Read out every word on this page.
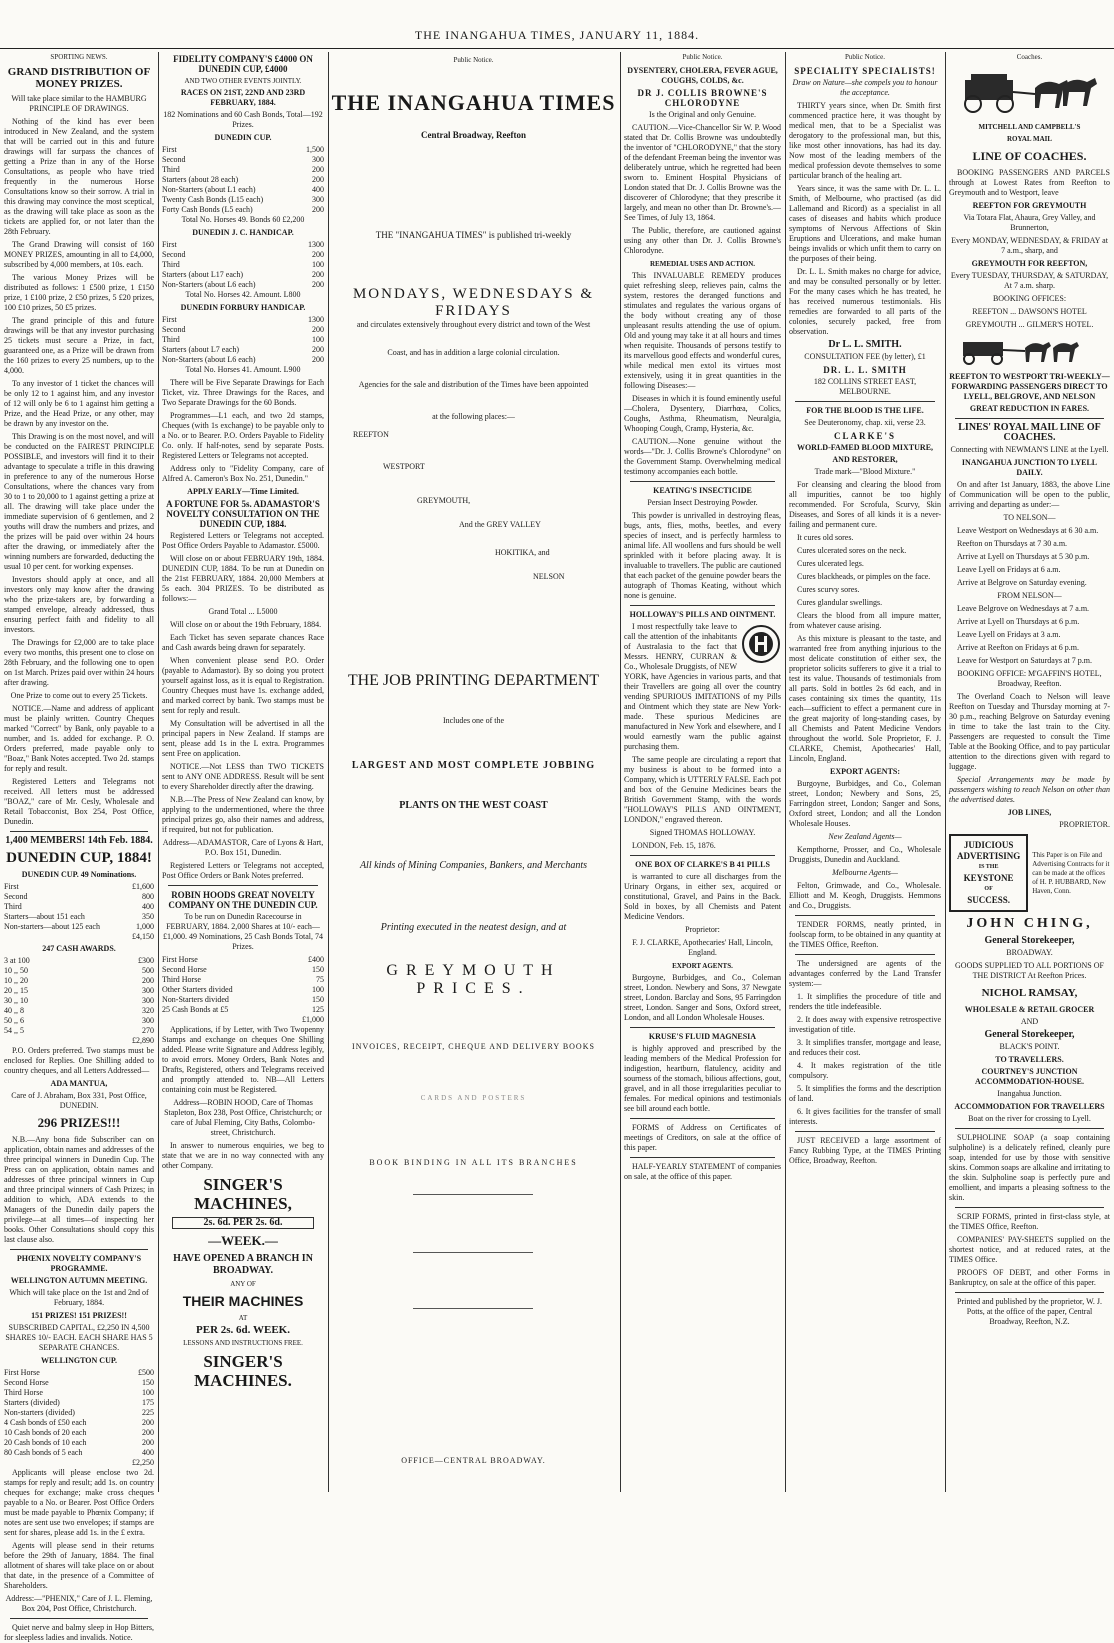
THE INANGAHUA TIMES, JANUARY 11, 1884.
SPORTING NEWS.
GRAND DISTRIBUTION OF MONEY PRIZES.

Will take place similar to the HAMBURG PRINCIPLE OF DRAWINGS.

Nothing of the kind has ever been introduced in New Zealand, and the system that will be carried out in this and future drawings will far surpass the chances of getting a Prize than in any of the Horse Consultations, as people who have tried frequently in the numerous Horse Consultations know so their sorrow. A trial in this drawing may convince the most sceptical, as the drawing will take place as soon as the tickets are applied for, or not later than the 28th February.

The Grand Drawing will consist of 160 MONEY PRIZES, amounting in all to £4,000, subscribed by 4,000 members, at 10s. each.

The various Money Prizes will be distributed as follows: 1 £500 prize, 1 £150 prize, 1 £100 prize, 2 £50 prizes, 5 £20 prizes, 100 £10 prizes, 50 £5 prizes.

The grand principle of this and future drawings will be that any investor purchasing 25 tickets must secure a Prize, in fact, guaranteed one, as a Prize will be drawn from the 160 prizes to every 25 numbers, up to the 4,000.

To any investor of 1 ticket the chances will be only 12 to 1 against him, and any investor of 12 will only be 6 to 1 against him getting a Prize, and the Head Prize, or any other, may be drawn by any investor on the.

This Drawing is on the most novel, and will be conducted on the FAIREST PRINCIPLE POSSIBLE, and investors will find it to their advantage to speculate a trifle in this drawing in preference to any of the numerous Horse Consultations, where the chances vary from 30 to 1 to 20,000 to 1 against getting a prize at all. The drawing will take place under the immediate supervision of 6 gentlemen, and 2 youths will draw the numbers and prizes, and the prizes will be paid over within 24 hours after the drawing, or immediately after the winning numbers are forwarded, deducting the usual 10 per cent. for working expenses.

Investors should apply at once, and all investors only may know after the drawing who the prize-takers are, by forwarding a stamped envelope, already addressed, thus ensuring perfect faith and fidelity to all investors.

The Drawings for £2,000 are to take place every two months, this present one to close on 28th February, and the following one to open on 1st March. Prizes paid over within 24 hours after drawing.

One Prize to come out to every 25 Tickets.

NOTICE.—Name and address of applicant must be plainly written. Country Cheques marked "Correct" by Bank, only payable to a number, and 1s. added for exchange. P. O. Orders preferred, made payable only to "Boaz," Bank Notes accepted. Two 2d. stamps for reply and result.

Registered Letters and Telegrams not received. All letters must be addressed "BOAZ," care of Mr. Cesly, Wholesale and Retail Tobacconist, Box 254, Post Office, Dunedin.

1,400 MEMBERS! 14th Feb. 1884.
DUNEDIN CUP, 1884!
DUNEDIN CUP. 49 Nominations.
First	£1,600
Second	800
Third	400
Starters—about 151 each	350
Non-starters—about 125 each	1,000
	£4,150
247 CASH AWARDS.
3 at 100	£300
10 ,, 50	500
10 ,, 20	200
20 ,, 15	300
30 ,, 10	300
40 ,, 8	320
50 ,, 6	300
54 ,, 5	270
	£2,890

P.O. Orders preferred. Two stamps must be enclosed for Replies. One Shilling added to country cheques, and all Letters Addressed—

ADA MANTUA,

Care of J. Abraham, Box 331, Post Office, DUNEDIN.

296 PRIZES!!!

N.B.—Any bona fide Subscriber can on application, obtain names and addresses of the three principal winners in Dunedin Cup. The Press can on application, obtain names and addresses of three principal winners in Cup and three principal winners of Cash Prizes; in addition to which, ADA extends to the Managers of the Dunedin daily papers the privilege—at all times—of inspecting her books. Other Consultations should copy this last clause also.

PHŒNIX NOVELTY COMPANY'S PROGRAMME.
WELLINGTON AUTUMN MEETING.

Which will take place on the 1st and 2nd of February, 1884.

151 PRIZES! 151 PRIZES!!

SUBSCRIBED CAPITAL, £2,250 IN 4,500 SHARES 10/- EACH. EACH SHARE HAS 5 SEPARATE CHANCES.

WELLINGTON CUP.
First Horse	£500
Second Horse	150
Third Horse	100
Starters (divided)	175
Non-starters (divided)	225
4 Cash bonds of £50 each	200
10 Cash bonds of 20 each	200
20 Cash bonds of 10 each	200
80 Cash bonds of 5 each	400
	£2,250

Applicants will please enclose two 2d. stamps for reply and result; add 1s. on country cheques for exchange; make cross cheques payable to a No. or Bearer. Post Office Orders must be made payable to Phœnix Company; if notes are sent use two envelopes; if stamps are sent for shares, please add 1s. in the £ extra.

Agents will please send in their returns before the 29th of January, 1884. The final allotment of shares will take place on or about that date, in the presence of a Committee of Shareholders.

Address:—"PHENIX," Care of J. L. Fleming, Box 204, Post Office, Christchurch.

Quiet nerve and balmy sleep in Hop Bitters, for sleepless ladies and invalids. Notice.

FIDELITY COMPANY'S £4000 ON DUNEDIN CUP, £4000
AND TWO OTHER EVENTS JOINTLY.
RACES ON 21ST, 22ND AND 23RD FEBRUARY, 1884.

182 Nominations and 60 Cash Bonds, Total—192 Prizes.

DUNEDIN CUP.
First	1,500
Second	300
Third	200
Starters (about 28 each)	200
Non-Starters (about L1 each)	400
Twenty Cash Bonds (L15 each)	300
Forty Cash Bonds (L5 each)	200

Total No. Horses 49. Bonds 60 £2,200

DUNEDIN J. C. HANDICAP.
First	1300
Second	200
Third	100
Starters (about L17 each)	200
Non-Starters (about L6 each)	200

Total No. Horses 42. Amount. L800

DUNEDIN FORBURY HANDICAP.
First	1300
Second	200
Third	100
Starters (about L7 each)	200
Non-Starters (about L6 each)	200

Total No. Horses 41. Amount. L900

There will be Five Separate Drawings for Each Ticket, viz. Three Drawings for the Races, and Two Separate Drawings for the 60 Bonds.

Programmes—L1 each, and two 2d stamps, Cheques (with 1s exchange) to be payable only to a No. or to Bearer. P.O. Orders Payable to Fidelity Co. only. If half-notes, send by separate Posts. Registered Letters or Telegrams not accepted.

Address only to "Fidelity Company, care of Alfred A. Cameron's Box No. 251, Dunedin."

APPLY EARLY—Time Limited.
A FORTUNE FOR 5s. ADAMASTOR'S NOVELTY CONSULTATION ON THE DUNEDIN CUP, 1884.

Registered Letters or Telegrams not accepted. Post Office Orders Payable to Adamastor. £5000.

Will close on or about FEBRUARY 19th, 1884. DUNEDIN CUP, 1884. To be run at Dunedin on the 21st FEBRUARY, 1884. 20,000 Members at 5s each. 304 PRIZES. To be distributed as follows:—

Grand Total ... L5000

Will close on or about the 19th February, 1884.

Each Ticket has seven separate chances Race and Cash awards being drawn for separately.

When convenient please send P.O. Order (payable to Adamastor). By so doing you protect yourself against loss, as it is equal to Registration. Country Cheques must have 1s. exchange added, and marked correct by bank. Two stamps must be sent for reply and result.

My Consultation will be advertised in all the principal papers in New Zealand. If stamps are sent, please add 1s in the L extra. Programmes sent Free on application.

NOTICE.—Not LESS than TWO TICKETS sent to ANY ONE ADDRESS. Result will be sent to every Shareholder directly after the drawing.

N.B.—The Press of New Zealand can know, by applying to the undermentioned, where the three principal prizes go, also their names and address, if required, but not for publication.

Address—ADAMASTOR, Care of Lyons & Hart, P.O. Box 151, Dunedin.

Registered Letters or Telegrams not accepted, Post Office Orders or Bank Notes preferred.

ROBIN HOODS GREAT NOVELTY COMPANY ON THE DUNEDIN CUP.

To be run on Dunedin Racecourse in FEBRUARY, 1884. 2,000 Shares at 10/- each—£1,000. 49 Nominations, 25 Cash Bonds Total, 74 Prizes.

First Horse	£400
Second Horse	150
Third Horse	75
Other Starters divided	100
Non-Starters divided	150
25 Cash Bonds at £5	125
	£1,000

Applications, if by Letter, with Two Twopenny Stamps and exchange on cheques One Shilling added. Please write Signature and Address legibly, to avoid errors. Money Orders, Bank Notes and Drafts, Registered, others and Telegrams received and promptly attended to. NB—All Letters containing coin must be Registered.

Address—ROBIN HOOD, Care of Thomas Stapleton, Box 238, Post Office, Christchurch; or care of Jubal Fleming, City Baths, Colombo-street, Christchurch.

In answer to numerous enquiries, we beg to state that we are in no way connected with any other Company.

SINGER'S MACHINES,
2s. 6d. PER 2s. 6d.
—WEEK.—
HAVE OPENED A BRANCH IN BROADWAY.
ANY OF
THEIR MACHINES
AT
PER 2s. 6d. WEEK.
LESSONS AND INSTRUCTIONS FREE.
SINGER'S MACHINES.
Public Notice.
THE INANGAHUA TIMES
Central Broadway, Reefton
THE "INANGAHUA TIMES" is published tri-weekly
MONDAYS, WEDNESDAYS & FRIDAYS
and circulates extensively throughout every district and town of the West
Coast, and has in addition a large colonial circulation.
Agencies for the sale and distribution of the Times have been appointed
at the following places:—
REEFTON
WESTPORT
GREYMOUTH,
And the GREY VALLEY
HOKITIKA, and
NELSON
THE JOB PRINTING DEPARTMENT
Includes one of the
LARGEST AND MOST COMPLETE JOBBING
PLANTS ON THE WEST COAST
All kinds of Mining Companies, Bankers, and Merchants
Printing executed in the neatest design, and at
GREYMOUTH PRICES.
INVOICES, RECEIPT, CHEQUE AND DELIVERY BOOKS
CARDS AND POSTERS
BOOK BINDING IN ALL ITS BRANCHES
OFFICE—CENTRAL BROADWAY.
Public Notice.
DYSENTERY, CHOLERA, FEVER AGUE, COUGHS, COLDS, &c.
DR J. COLLIS BROWNE'S CHLORODYNE

Is the Original and only Genuine.

CAUTION.—Vice-Chancellor Sir W. P. Wood stated that Dr. Collis Browne was undoubtedly the inventor of "CHLORODYNE," that the story of the defendant Freeman being the inventor was deliberately untrue, which he regretted had been sworn to. Eminent Hospital Physicians of London stated that Dr. J. Collis Browne was the discoverer of Chlorodyne; that they prescribe it largely, and mean no other than Dr. Browne's.—See Times, of July 13, 1864.

The Public, therefore, are cautioned against using any other than Dr. J. Collis Browne's Chlorodyne.

REMEDIAL USES AND ACTION.

This INVALUABLE REMEDY produces quiet refreshing sleep, relieves pain, calms the system, restores the deranged functions and stimulates and regulates the various organs of the body without creating any of those unpleasant results attending the use of opium. Old and young may take it at all hours and times when requisite. Thousands of persons testify to its marvellous good effects and wonderful cures, while medical men extol its virtues most extensively, using it in great quantities in the following Diseases:—

Diseases in which it is found eminently useful—Cholera, Dysentery, Diarrhœa, Colics, Coughs, Asthma, Rheumatism, Neuralgia, Whooping Cough, Cramp, Hysteria, &c.

CAUTION.—None genuine without the words—"Dr. J. Collis Browne's Chlorodyne" on the Government Stamp. Overwhelming medical testimony accompanies each bottle.

KEATING'S INSECTICIDE

Persian Insect Destroying Powder.

This powder is unrivalled in destroying fleas, bugs, ants, flies, moths, beetles, and every species of insect, and is perfectly harmless to animal life. All woollens and furs should be well sprinkled with it before placing away. It is invaluable to travellers. The public are cautioned that each packet of the genuine powder bears the autograph of Thomas Keating, without which none is genuine.

HOLLOWAY'S PILLS AND OINTMENT.

I most respectfully take leave to call the attention of the inhabitants of Australasia to the fact that Messrs. HENRY, CURRAN & Co., Wholesale Druggists, of NEW YORK, have Agencies in various parts, and that their Travellers are going all over the country vending SPURIOUS IMITATIONS of my Pills and Ointment which they state are New York-made. These spurious Medicines are manufactured in New York and elsewhere, and I would earnestly warn the public against purchasing them.

The same people are circulating a report that my business is about to be formed into a Company, which is UTTERLY FALSE. Each pot and box of the Genuine Medicines bears the British Government Stamp, with the words "HOLLOWAY'S PILLS AND OINTMENT, LONDON," engraved thereon.

Signed THOMAS HOLLOWAY.

LONDON, Feb. 15, 1876.

ONE BOX OF CLARKE'S B 41 PILLS

is warranted to cure all discharges from the Urinary Organs, in either sex, acquired or constitutional, Gravel, and Pains in the Back. Sold in boxes, by all Chemists and Patent Medicine Vendors.

Proprietor:

F. J. CLARKE, Apothecaries' Hall, Lincoln, England.

EXPORT AGENTS.

Burgoyne, Burbidges, and Co., Coleman street, London. Newbery and Sons, 37 Newgate street, London. Barclay and Sons, 95 Farringdon street, London. Sanger and Sons, Oxford street, London, and all London Wholesale Houses.

KRUSE'S FLUID MAGNESIA

is highly approved and prescribed by the leading members of the Medical Profession for indigestion, heartburn, flatulency, acidity and sourness of the stomach, bilious affections, gout, gravel, and in all those irregularities peculiar to females. For medical opinions and testimonials see bill around each bottle.

FORMS of Address on Certificates of meetings of Creditors, on sale at the office of this paper.

HALF-YEARLY STATEMENT of companies on sale, at the office of this paper.

Public Notice.
SPECIALITY SPECIALISTS!

Draw on Nature—she compels you to honour the acceptance.

THIRTY years since, when Dr. Smith first commenced practice here, it was thought by medical men, that to be a Specialist was derogatory to the professional man, but this, like most other innovations, has had its day. Now most of the leading members of the medical profession devote themselves to some particular branch of the healing art.

Years since, it was the same with Dr. L. L. Smith, of Melbourne, who practised (as did Lallemand and Ricord) as a specialist in all cases of diseases and habits which produce symptoms of Nervous Affections of Skin Eruptions and Ulcerations, and make human beings invalids or which unfit them to carry on the purposes of their being.

Dr. L. L. Smith makes no charge for advice, and may be consulted personally or by letter. For the many cases which he has treated, he has received numerous testimonials. His remedies are forwarded to all parts of the colonies, securely packed, free from observation.

Dr L. L. SMITH.

CONSULTATION FEE (by letter), £1

DR. L. L. SMITH

182 COLLINS STREET EAST, MELBOURNE.

FOR THE BLOOD IS THE LIFE.

See Deuteronomy, chap. xii, verse 23.

CLARKE'S
WORLD-FAMED BLOOD MIXTURE,
AND RESTORER,

Trade mark—"Blood Mixture."

For cleansing and clearing the blood from all impurities, cannot be too highly recommended. For Scrofula, Scurvy, Skin Diseases, and Sores of all kinds it is a never-failing and permanent cure.

It cures old sores.

Cures ulcerated sores on the neck.

Cures ulcerated legs.

Cures blackheads, or pimples on the face.

Cures scurvy sores.

Cures glandular swellings.

Clears the blood from all impure matter, from whatever cause arising.

As this mixture is pleasant to the taste, and warranted free from anything injurious to the most delicate constitution of either sex, the proprietor solicits sufferers to give it a trial to test its value. Thousands of testimonials from all parts. Sold in bottles 2s 6d each, and in cases containing six times the quantity, 11s each—sufficient to effect a permanent cure in the great majority of long-standing cases, by all Chemists and Patent Medicine Vendors throughout the world. Sole Proprietor, F. J. CLARKE, Chemist, Apothecaries' Hall, Lincoln, England.

EXPORT AGENTS:

Burgoyne, Burbidges, and Co., Coleman street, London; Newbery and Sons, 25, Farringdon street, London; Sanger and Sons, Oxford street, London; and all the London Wholesale Houses.

New Zealand Agents—

Kempthorne, Prosser, and Co., Wholesale Druggists, Dunedin and Auckland.

Melbourne Agents—

Felton, Grimwade, and Co., Wholesale. Elliott and M. Keogh, Druggists. Hemmons and Co., Druggists.

TENDER FORMS, neatly printed, in foolscap form, to be obtained in any quantity at the TIMES Office, Reefton.

The undersigned are agents of the advantages conferred by the Land Transfer system:—

1. It simplifies the procedure of title and renders the title indefeasible.

2. It does away with expensive retrospective investigation of title.

3. It simplifies transfer, mortgage and lease, and reduces their cost.

4. It makes registration of the title compulsory.

5. It simplifies the forms and the description of land.

6. It gives facilities for the transfer of small interests.

JUST RECEIVED a large assortment of Fancy Rubbing Type, at the TIMES Printing Office, Broadway, Reefton.

Coaches.
MITCHELL AND CAMPBELL'S
ROYAL MAIL
LINE OF COACHES.

BOOKING PASSENGERS AND PARCELS through at Lowest Rates from Reefton to Greymouth and to Westport, leave

REEFTON FOR GREYMOUTH

Via Totara Flat, Ahaura, Grey Valley, and Brunnerton,

Every MONDAY, WEDNESDAY, & FRIDAY at 7 a.m., sharp, and

GREYMOUTH FOR REEFTON,

Every TUESDAY, THURSDAY, & SATURDAY, At 7 a.m. sharp.

BOOKING OFFICES:

REEFTON ... DAWSON'S HOTEL

GREYMOUTH ... GILMER'S HOTEL.

REEFTON TO WESTPORT TRI-WEEKLY—FORWARDING PASSENGERS DIRECT TO LYELL, BELGROVE, AND NELSON
GREAT REDUCTION IN FARES.
LINES' ROYAL MAIL LINE OF COACHES.

Connecting with NEWMAN'S LINE at the Lyell.

INANGAHUA JUNCTION TO LYELL DAILY.

On and after 1st January, 1883, the above Line of Communication will be open to the public, arriving and departing as under:—

TO NELSON—

Leave Westport on Wednesdays at 6 30 a.m.

Reefton on Thursdays at 7 30 a.m.

Arrive at Lyell on Thursdays at 5 30 p.m.

Leave Lyell on Fridays at 6 a.m.

Arrive at Belgrove on Saturday evening.

FROM NELSON—

Leave Belgrove on Wednesdays at 7 a.m.

Arrive at Lyell on Thursdays at 6 p.m.

Leave Lyell on Fridays at 3 a.m.

Arrive at Reefton on Fridays at 6 p.m.

Leave for Westport on Saturdays at 7 p.m.

BOOKING OFFICE: M'GAFFIN'S HOTEL, Broadway, Reefton.

The Overland Coach to Nelson will leave Reefton on Tuesday and Thursday morning at 7-30 p.m., reaching Belgrove on Saturday evening in time to take the last train to the City. Passengers are requested to consult the Time Table at the Booking Office, and to pay particular attention to the directions given with regard to luggage.

Special Arrangements may be made by passengers wishing to reach Nelson on other than the advertised dates.

JOB LINES,

PROPRIETOR.

JUDICIOUS
ADVERTISING
IS THE
KEYSTONE
OF
SUCCESS.
This Paper is on File and Advertising Contracts for it can be made at the offices of H. P. HUBBARD, New Haven, Conn.
JOHN CHING,
General Storekeeper,

BROADWAY.

GOODS SUPPLIED TO ALL PORTIONS OF THE DISTRICT At Reefton Prices.

NICHOL RAMSAY,
WHOLESALE & RETAIL GROCER

AND

General Storekeeper,

BLACK'S POINT.

TO TRAVELLERS.
COURTNEY'S JUNCTION ACCOMMODATION-HOUSE.

Inangahua Junction.

ACCOMMODATION FOR TRAVELLERS

Boat on the river for crossing to Lyell.

SULPHOLINE SOAP (a soap containing sulpholine) is a delicately refined, cleanly pure soap, intended for use by those with sensitive skins. Common soaps are alkaline and irritating to the skin. Sulpholine soap is perfectly pure and emollient, and imparts a pleasing softness to the skin.

SCRIP FORMS, printed in first-class style, at the TIMES Office, Reefton.

COMPANIES' PAY-SHEETS supplied on the shortest notice, and at reduced rates, at the TIMES Office.

PROOFS OF DEBT, and other Forms in Bankruptcy, on sale at the office of this paper.

Printed and published by the proprietor, W. J. Potts, at the office of the paper, Central Broadway, Reefton, N.Z.
